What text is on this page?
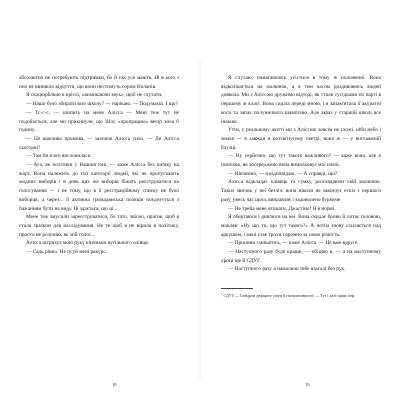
абсолютно не потребують підтримки, бо й так усе мають. Ні в кого з них не виникло відчуття, що вони нестимуть сором Ноланів.

Я скоцюрблюю в кріслі, «вимикаючи звук», щоб не слухати.

— Нашо було збирати всю школу? — нарікаю, — Подумаєш. І що?

— Тс-с-с, — шипить на мене Алісса — Мені теж тут не подобається, але ми прикинули, що Шоу «пропрацює» вечір хоча б годину.

— Це важлива промова, — шепоче Алісса тихо. — Де Алісса сьогодні?

— Там би я все висловилася.

— Ага, як політики у Вашингтоні, — каже Алісса без натяку на жарт. Вона належить до тієї категорії людей, які не пропускають жодних виборів і в день цих же виборів біжать реєструватися на голосування — і не тому, що в її реєстраційному списку не було виборця, а через... її активна громадянська позиція поєднується з бажанням бути на виду. Їй здається, що ці...

Мене теж змусили зареєструватися, бо тато, звісно, прагне, щоб я стала зразком для наслідування. Не те щоб я не вірила в політику, просто не розумію, як мій голос...

Алісса штрихує мою руку кінчиком вугільного олівця.

— Сядь рівно. Не псуй мені ракурс.

Я слухаю, намагаючись усістися в тому ж положенні. Вона відволікається на малюнок, а я тим часом роздивляюсь людей довкола. Ми з Аліссою дружимо відтоді, як стали сусідками по парті в першому ж класі. Вона сиділа переді мною, і я запам'ятала її акуратні коси та запах полуничного шампуню. Але зараз у старшій школі все інакше.

Утім, у реальному житті ми з Аліссою зовсім не схожі, ніби небо і земля — я завжди в розтягнутому светрі, вона ж — у виглаженій блузці.

— Ну серйозно, що тут такого важливого? — каже вона, але я помічаю, як зосереджено вона вимальовує мої плечі.

— Нікчемно, — я відповідаю. — А справді, що?

Алісса відкладає олівець та гумку, розглядаючи свій малюнок. Таких звичок у неї безліч: вона ніколи не закінчує ескіз з першого разу, увесь час щось виправляє і задоволено бурмоче.

— Не треба мене втішати, Джастіно! Я в нормі.

Я обертаюся і дивлюся на неї. Вона скидає брови й хитає головою, мовляв: «Ну що ти, що тут такого?» А потім знову схиляється над аркушем, і мені стає трохи соромно за свою різкість.

— Припини смикатись, — каже Алісса. — Це вже вдруге.

— Наступного разу буде краще, — обіцяю я, — а на наступному уроці ще й СДУГ.

— Наступного разу я намалюю тебе взагалі без рук.

$^1$СДУГ — Синдром дефіциту уваги й гіперактивності. — Тут і далі прим. пер.

18	19
